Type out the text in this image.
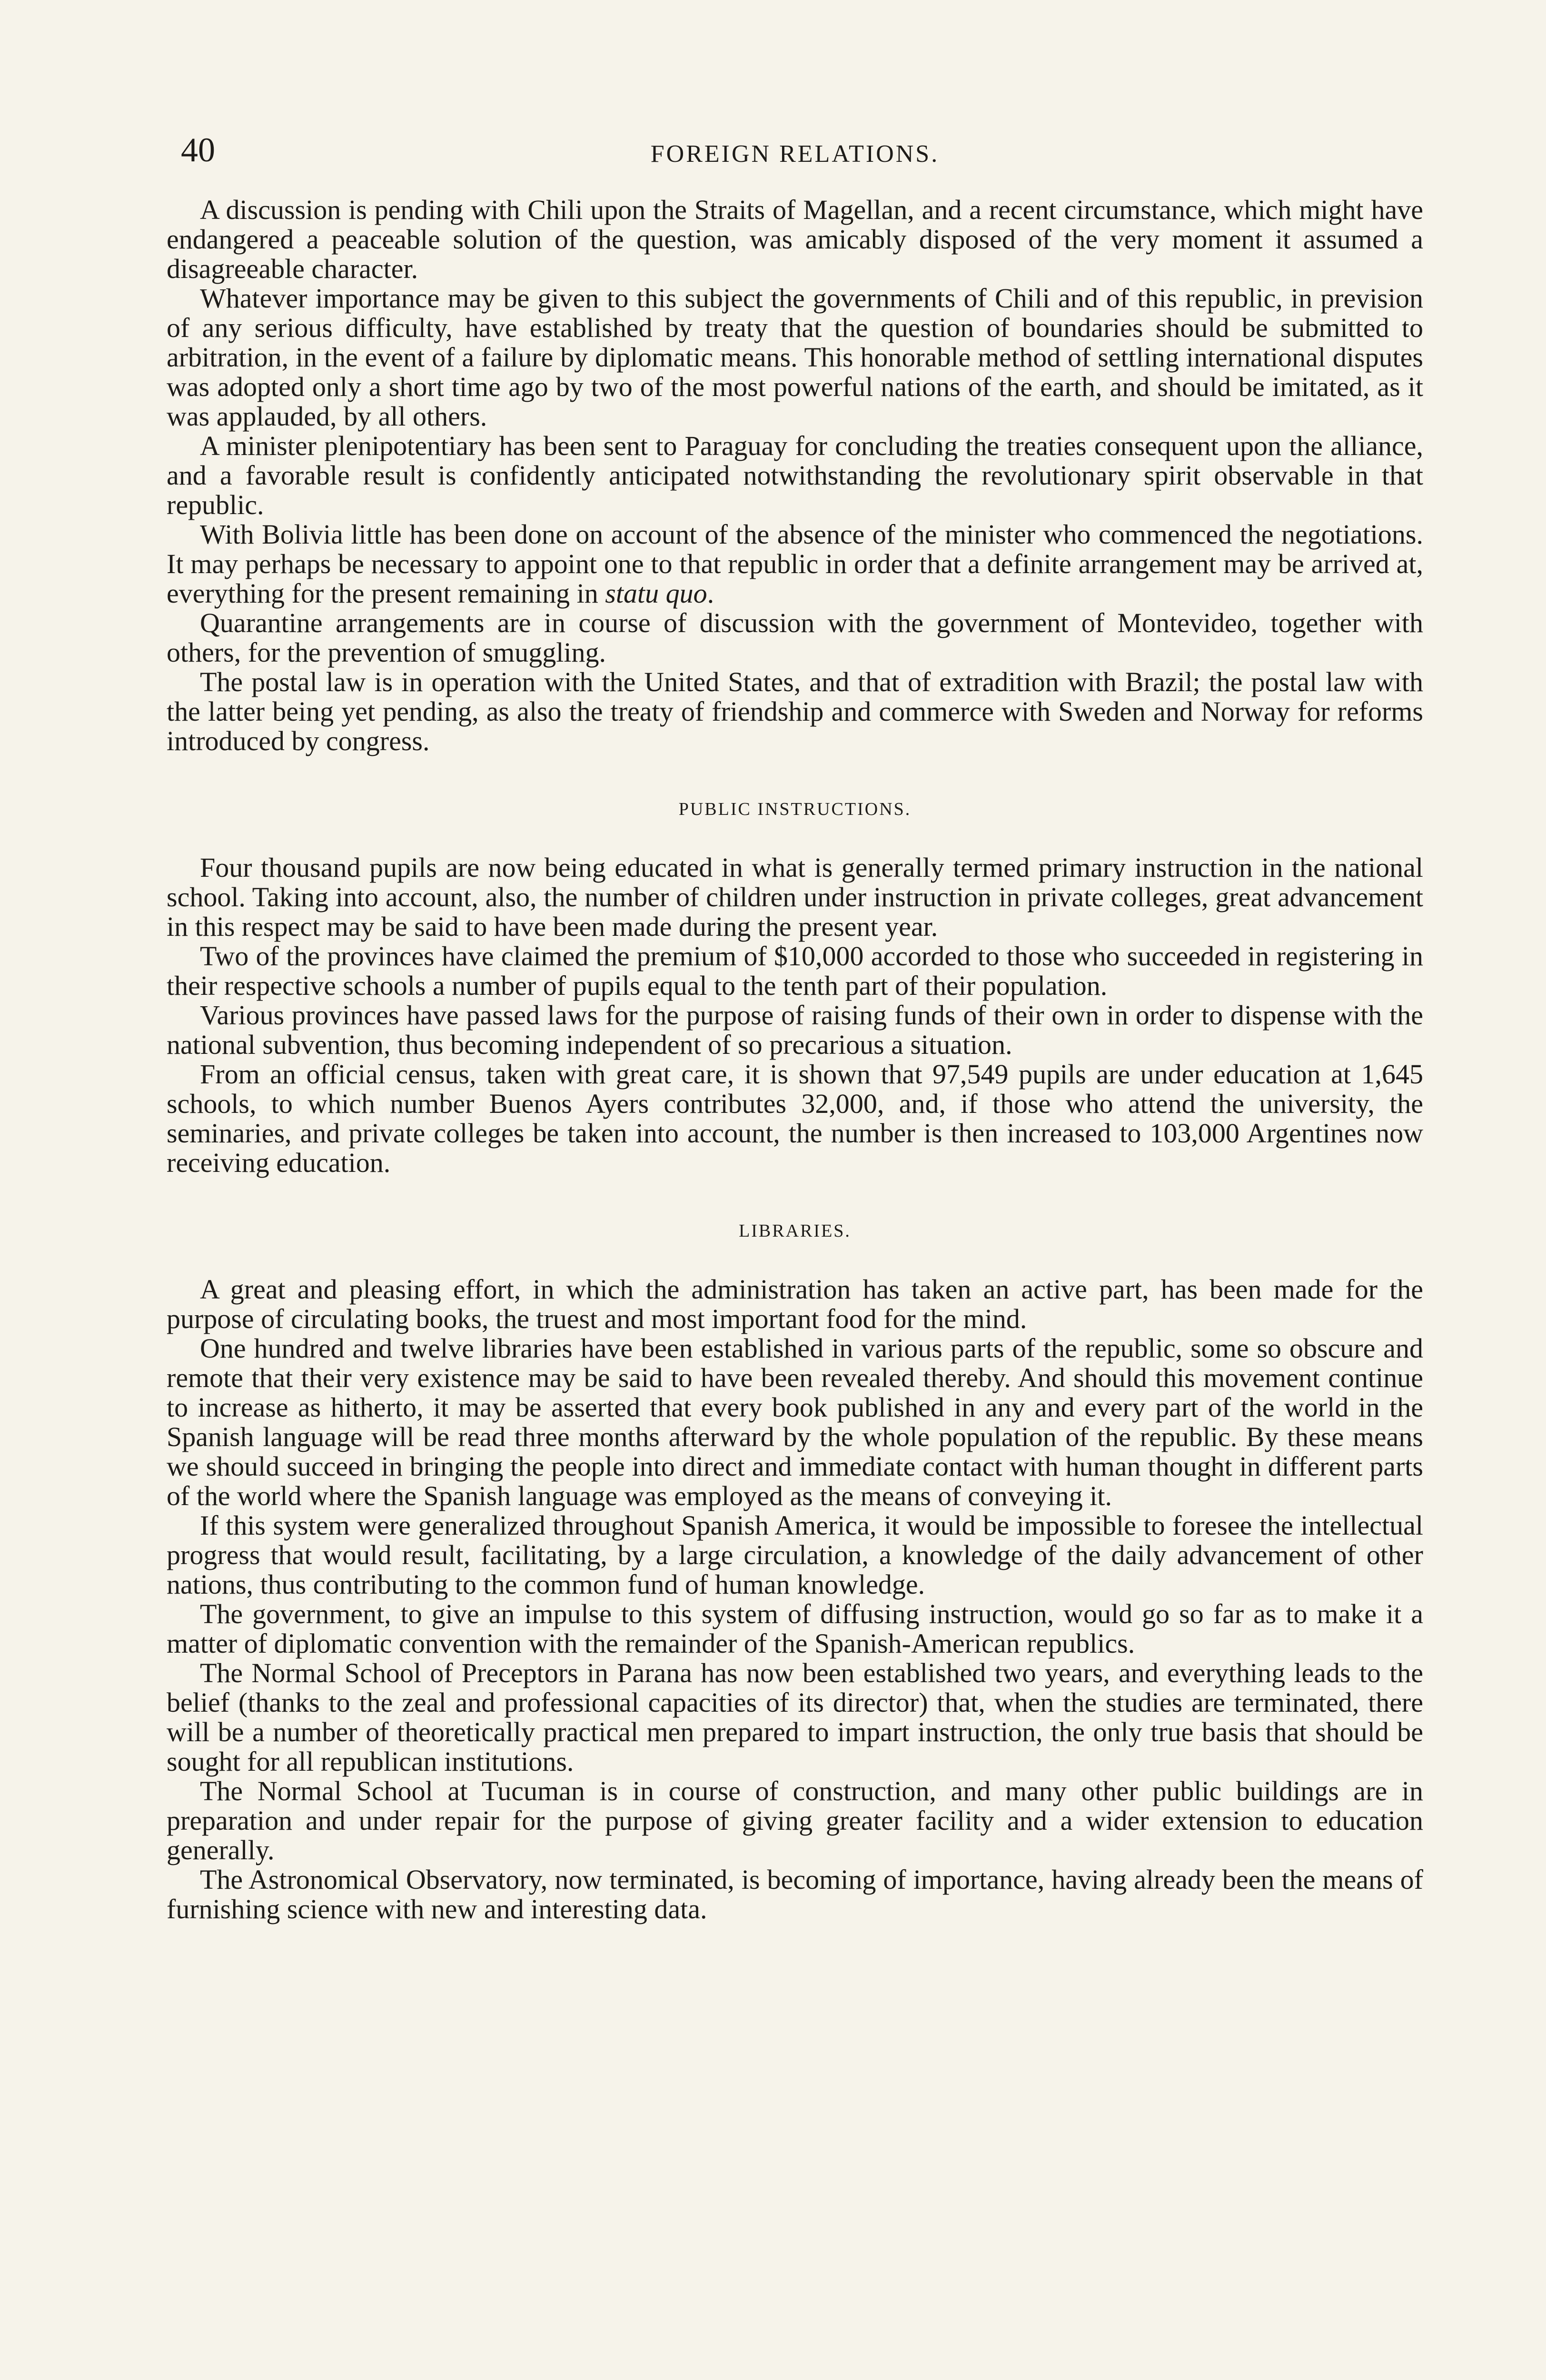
40	FOREIGN RELATIONS.

A discussion is pending with Chili upon the Straits of Magellan, and a recent circumstance, which might have endangered a peaceable solution of the question, was amicably disposed of the very moment it assumed a disagreeable character.

Whatever importance may be given to this subject the governments of Chili and of this republic, in prevision of any serious difficulty, have established by treaty that the question of boundaries should be submitted to arbitration, in the event of a failure by diplomatic means. This honorable method of settling international disputes was adopted only a short time ago by two of the most powerful nations of the earth, and should be imitated, as it was applauded, by all others.

A minister plenipotentiary has been sent to Paraguay for concluding the treaties consequent upon the alliance, and a favorable result is confidently anticipated notwithstanding the revolutionary spirit observable in that republic.

With Bolivia little has been done on account of the absence of the minister who commenced the negotiations. It may perhaps be necessary to appoint one to that republic in order that a definite arrangement may be arrived at, everything for the present remaining in statu quo.

Quarantine arrangements are in course of discussion with the government of Montevideo, together with others, for the prevention of smuggling.

The postal law is in operation with the United States, and that of extradition with Brazil; the postal law with the latter being yet pending, as also the treaty of friendship and commerce with Sweden and Norway for reforms introduced by congress.

PUBLIC INSTRUCTIONS.

Four thousand pupils are now being educated in what is generally termed primary instruction in the national school. Taking into account, also, the number of children under instruction in private colleges, great advancement in this respect may be said to have been made during the present year.

Two of the provinces have claimed the premium of $10,000 accorded to those who succeeded in registering in their respective schools a number of pupils equal to the tenth part of their population.

Various provinces have passed laws for the purpose of raising funds of their own in order to dispense with the national subvention, thus becoming independent of so precarious a situation.

From an official census, taken with great care, it is shown that 97,549 pupils are under education at 1,645 schools, to which number Buenos Ayers contributes 32,000, and, if those who attend the university, the seminaries, and private colleges be taken into account, the number is then increased to 103,000 Argentines now receiving education.

LIBRARIES.

A great and pleasing effort, in which the administration has taken an active part, has been made for the purpose of circulating books, the truest and most important food for the mind.

One hundred and twelve libraries have been established in various parts of the republic, some so obscure and remote that their very existence may be said to have been revealed thereby. And should this movement continue to increase as hitherto, it may be asserted that every book published in any and every part of the world in the Spanish language will be read three months afterward by the whole population of the republic. By these means we should succeed in bringing the people into direct and immediate contact with human thought in different parts of the world where the Spanish language was employed as the means of conveying it.

If this system were generalized throughout Spanish America, it would be impossible to foresee the intellectual progress that would result, facilitating, by a large circulation, a knowledge of the daily advancement of other nations, thus contributing to the common fund of human knowledge.

The government, to give an impulse to this system of diffusing instruction, would go so far as to make it a matter of diplomatic convention with the remainder of the Spanish-American republics.

The Normal School of Preceptors in Parana has now been established two years, and everything leads to the belief (thanks to the zeal and professional capacities of its director) that, when the studies are terminated, there will be a number of theoretically practical men prepared to impart instruction, the only true basis that should be sought for all republican institutions.

The Normal School at Tucuman is in course of construction, and many other public buildings are in preparation and under repair for the purpose of giving greater facility and a wider extension to education generally.

The Astronomical Observatory, now terminated, is becoming of importance, having already been the means of furnishing science with new and interesting data.
